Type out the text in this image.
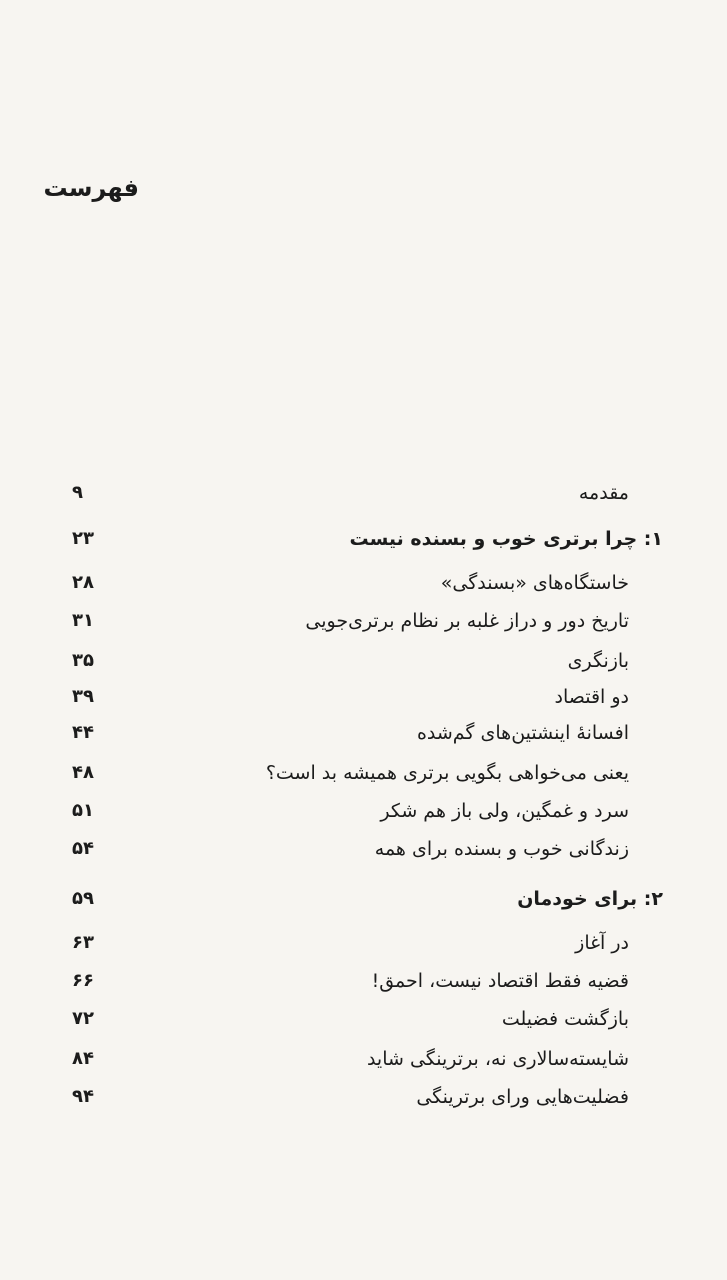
فهرست
مقدمه
۹
۱: چرا برتری خوب و بسنده نیست
۲۳
خاستگاه‌های «بسندگی»
۲۸
تاریخ دور و دراز غلبه بر نظام برتری‌جویی
۳۱
بازنگری
۳۵
دو اقتصاد
۳۹
افسانهٔ اینشتین‌های گم‌شده
۴۴
یعنی می‌خواهی بگویی برتری همیشه بد است؟
۴۸
سرد و غمگین، ولی باز هم شکر
۵۱
زندگانی خوب و بسنده برای همه
۵۴
۲: برای خودمان
۵۹
در آغاز
۶۳
قضیه فقط اقتصاد نیست، احمق!
۶۶
بازگشت فضیلت
۷۲
شایسته‌سالاری نه، برترینگی شاید
۸۴
فضلیت‌هایی ورای برترینگی
۹۴
